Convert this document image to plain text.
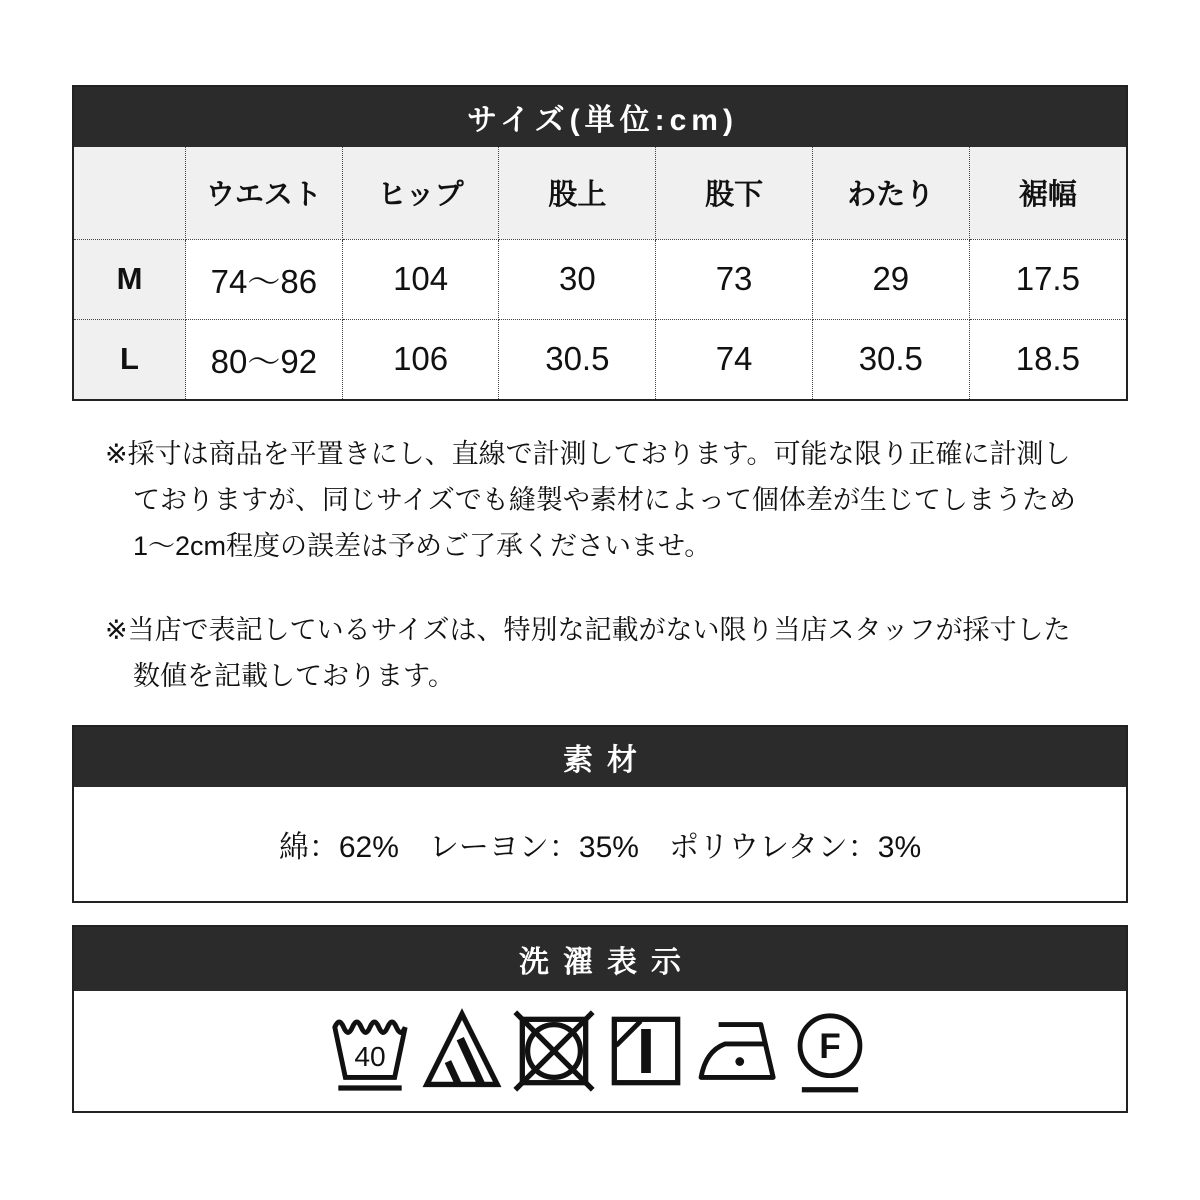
サイズ(単位:cm)
	ウエスト	ヒップ	股上	股下	わたり	裾幅
M	74～86	104	30	73	29	17.5
L	80～92	106	30.5	74	30.5	18.5

※採寸は商品を平置きにし、直線で計測しております。可能な限り正確に計測し
ておりますが、同じサイズでも縫製や素材によって個体差が生じてしまうため
1～2cm程度の誤差は予めご了承くださいませ。

※当店で表記しているサイズは、特別な記載がない限り当店スタッフが採寸した
数値を記載しております。

素材
綿：62%　レーヨン：35%　ポリウレタン：3%
洗濯表示
40	F
